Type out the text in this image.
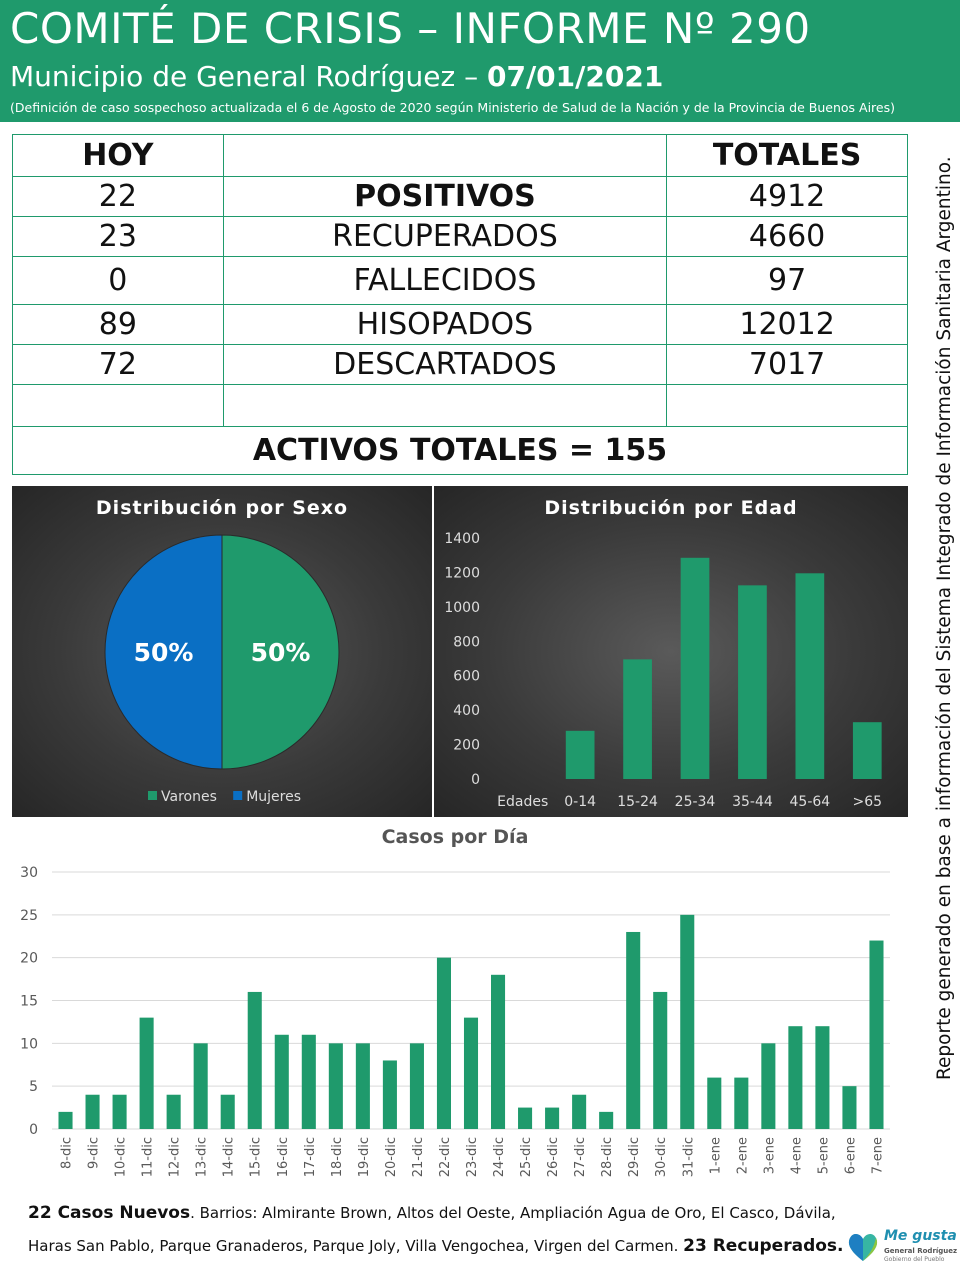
COMITÉ DE CRISIS – INFORME Nº 290
Municipio de General Rodríguez – 07/01/2021
(Definición de caso sospechoso actualizada el 6 de Agosto de 2020 según Ministerio de Salud de la Nación y de la Provincia de Buenos Aires)
HOY		TOTALES
22	POSITIVOS	4912
23	RECUPERADOS	4660
0	FALLECIDOS	97
89	HISOPADOS	12012
72	DESCARTADOS	7017

ACTIVOS TOTALES = 155			Reporte generado en base a información del Sistema Integrado de Información Sanitaria Argentino.
Distribución por Sexo
50%
50%
Varones Mujeres
Distribución por Edad
0
200
400
600
800
1000
1200
1400
Edades 0-14 15-24 25-34 35-44 45-64 >65
Casos por Día
0
5
10
15
20
25
30
8-dic 9-dic 10-dic 11-dic 12-dic 13-dic 14-dic 15-dic 16-dic 17-dic 18-dic 19-dic 20-dic 21-dic 22-dic 23-dic 24-dic 25-dic 26-dic 27-dic 28-dic 29-dic 30-dic 31-dic 1-ene 2-ene 3-ene 4-ene 5-ene 6-ene 7-ene
22 Casos Nuevos. Barrios: Almirante Brown, Altos del Oeste, Ampliación Agua de Oro, El Casco, Dávila,
Haras San Pablo, Parque Granaderos, Parque Joly, Villa Vengochea, Virgen del Carmen. 23 Recuperados.	Me gusta
General Rodríguez
Gobierno del Pueblo
